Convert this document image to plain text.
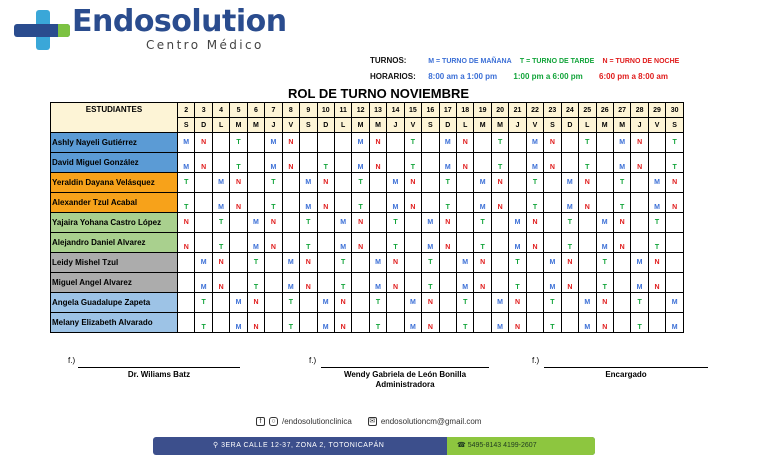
Endosolution
Centro Médico
TURNOS:	M = TURNO DE MAÑANA T = TURNO DE TARDE N = TURNO DE NOCHE
HORARIOS: 8:00 am a 1:00 pm 1:00 pm a 6:00 pm 6:00 pm a 8:00 am
ROL DE TURNO NOVIEMBRE
ESTUDIANTES	2	3	4	5	6	7	8	9	10	11	12	13	14	15	16	17	18	19	20	21	22	23	24	25	26	27	28	29	30
	S	D	L	M	M	J	V	S	D	L	M	M	J	V	S	D	L	M	M	J	V	S	D	L	M	M	J	V	S
Ashly Nayeli Gutiérrez	M	N		T		M	N				M	N		T		M	N		T		M	N		T		M	N		T
David Miguel González	M	N		T		M	N		T		M	N		T		M	N		T		M	N		T		M	N		T
Yeraldin Dayana Velásquez	T		M	N		T		M	N		T		M	N		T		M	N		T		M	N		T		M	N
Alexander Tzul Acabal	T		M	N		T		M	N		T		M	N		T		M	N		T		M	N		T		M	N
Yajaira Yohana Castro López	N		T		M	N		T		M	N		T		M	N		T		M	N		T		M	N		T	
Alejandro Daniel Alvarez	N		T		M	N		T		M	N		T		M	N		T		M	N		T		M	N		T	
Leidy Mishel Tzul		M	N		T		M	N		T		M	N		T		M	N		T		M	N		T		M	N	
Miguel Angel Alvarez		M	N		T		M	N		T		M	N		T		M	N		T		M	N		T		M	N	
Angela Guadalupe Zapeta		T		M	N		T		M	N		T		M	N		T		M	N		T		M	N		T		M
Melany Elizabeth Alvarado		T		M	N		T		M	N		T		M	N		T		M	N		T		M	N		T		M
f.)
Dr. Wiliams Batz
f.)
Wendy Gabriela de León Bonilla
Administradora
f.)
Encargado
f	○ /endosolutionclinica	✉ endosolutioncm@gmail.com
⚲ 3ERA CALLE 12-37, ZONA 2, TOTONICAPÁN	☎ 5495-8143 4199-2607
